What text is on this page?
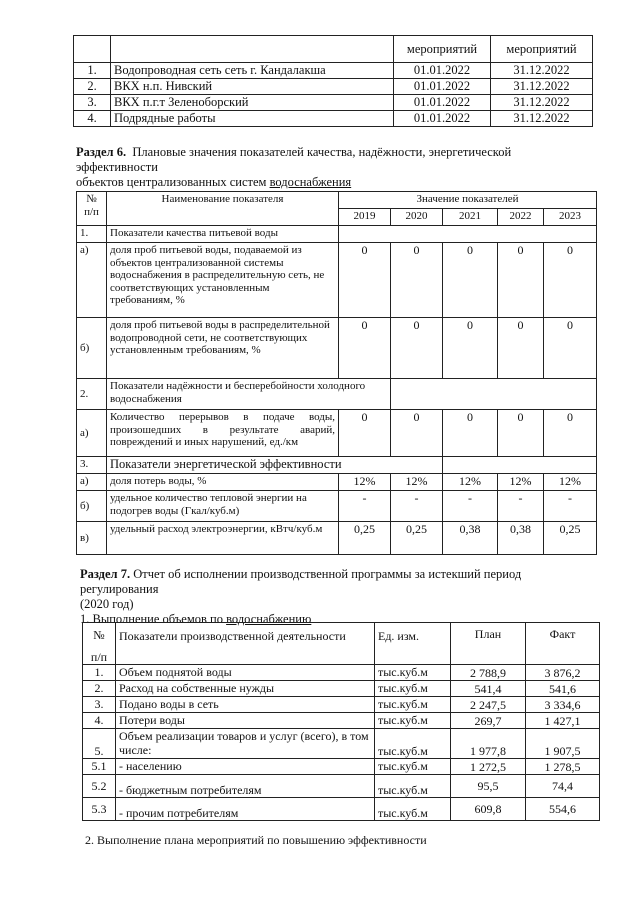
		мероприятий	мероприятий
1.	Водопроводная сеть сеть г. Кандалакша	01.01.2022	31.12.2022
2.	ВКХ н.п. Нивский	01.01.2022	31.12.2022
3.	ВКХ п.г.т Зеленоборский	01.01.2022	31.12.2022
4.	Подрядные работы	01.01.2022	31.12.2022
Раздел 6. Плановые значения показателей качества, надёжности, энергетической эффективности
объектов централизованных систем водоснабжения
№
п/п	Наименование показателя	Значение показателей				
		2019	2020	2021	2022	2023
1.	Показатели качества питьевой воды					
а)	доля проб питьевой воды, подаваемой из объектов централизованной системы водоснабжения в распределительную сеть, не соответствующих установленным требованиям, %	0	0	0	0	0
б)	доля проб питьевой воды в распределительной водопроводной сети, не соответствующих установленным требованиям, %	0	0	0	0	0
2.	Показатели надёжности и бесперебойности холодного водоснабжения					
а)	Количество перерывов в подаче воды, произошедших в результате аварий, повреждений и иных нарушений, ед./км	0	0	0	0	0
3.	Показатели энергетической эффективности					
а)	доля потерь воды, %	12%	12%	12%	12%	12%
б)	удельное количество тепловой энергии на подогрев воды (Гкал/куб.м)	-	-	-	-	-
в)	удельный расход электроэнергии, кВтч/куб.м	0,25	0,25	0,38	0,38	0,25
Раздел 7. Отчет об исполнении производственной программы за истекший период регулирования
(2020 год)
1. Выполнение объемов по водоснабжению
№
п/п	Показатели производственной деятельности	Ед. изм.	План	Факт
1.	Объем поднятой воды	тыс.куб.м	2 788,9	3 876,2
2.	Расход на собственные нужды	тыс.куб.м	541,4	541,6
3.	Подано воды в сеть	тыс.куб.м	2 247,5	3 334,6
4.	Потери воды	тыс.куб.м	269,7	1 427,1
5.	Объем реализации товаров и услуг (всего), в том числе:	тыс.куб.м	1 977,8	1 907,5
5.1	- населению	тыс.куб.м	1 272,5	1 278,5
5.2	- бюджетным потребителям	тыс.куб.м	95,5	74,4
5.3	- прочим потребителям	тыс.куб.м	609,8	554,6
2. Выполнение плана мероприятий по повышению эффективности
